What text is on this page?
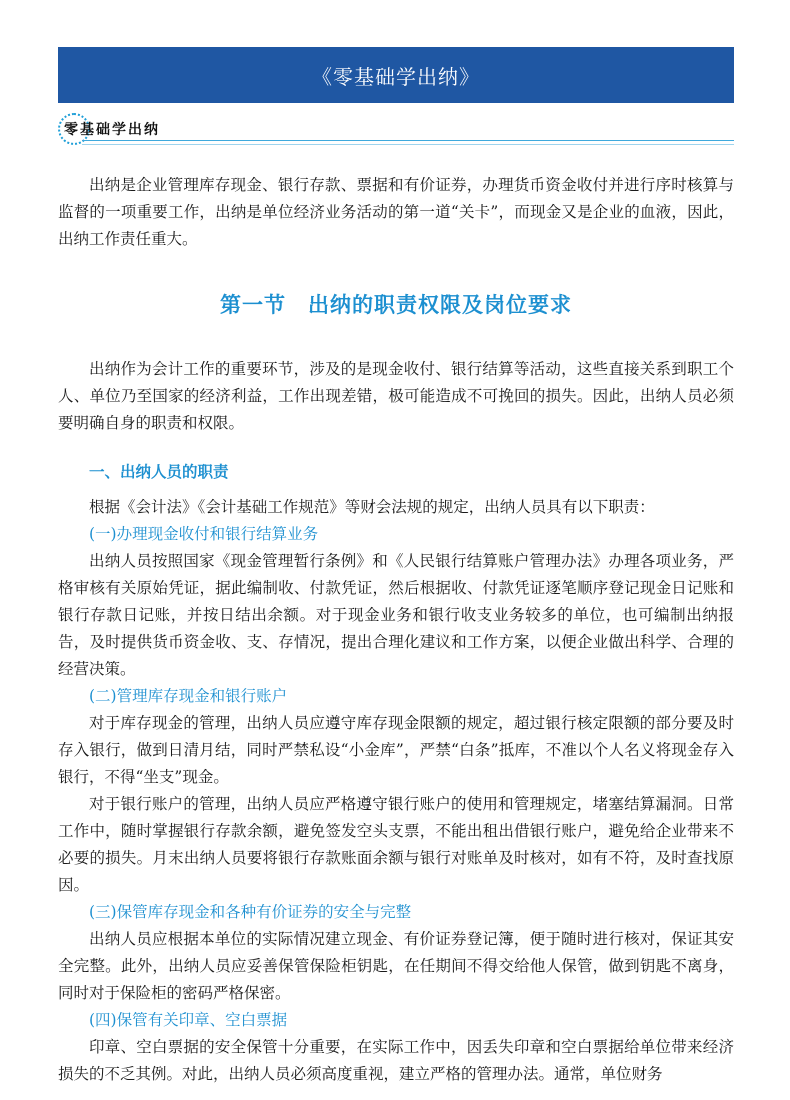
《零基础学出纳》
零基础学出纳

出纳是企业管理库存现金、银行存款、票据和有价证券，办理货币资金收付并进行序时核算与监督的一项重要工作，出纳是单位经济业务活动的第一道“关卡”，而现金又是企业的血液，因此，出纳工作责任重大。

第一节　出纳的职责权限及岗位要求

出纳作为会计工作的重要环节，涉及的是现金收付、银行结算等活动，这些直接关系到职工个人、单位乃至国家的经济利益，工作出现差错，极可能造成不可挽回的损失。因此，出纳人员必须要明确自身的职责和权限。

一、出纳人员的职责

根据《会计法》《会计基础工作规范》等财会法规的规定，出纳人员具有以下职责：

(一)办理现金收付和银行结算业务

出纳人员按照国家《现金管理暂行条例》和《人民银行结算账户管理办法》办理各项业务，严格审核有关原始凭证，据此编制收、付款凭证，然后根据收、付款凭证逐笔顺序登记现金日记账和银行存款日记账，并按日结出余额。对于现金业务和银行收支业务较多的单位，也可编制出纳报告，及时提供货币资金收、支、存情况，提出合理化建议和工作方案，以便企业做出科学、合理的经营决策。

(二)管理库存现金和银行账户

对于库存现金的管理，出纳人员应遵守库存现金限额的规定，超过银行核定限额的部分要及时存入银行，做到日清月结，同时严禁私设“小金库”，严禁“白条”抵库，不准以个人名义将现金存入银行，不得“坐支”现金。

对于银行账户的管理，出纳人员应严格遵守银行账户的使用和管理规定，堵塞结算漏洞。日常工作中，随时掌握银行存款余额，避免签发空头支票，不能出租出借银行账户，避免给企业带来不必要的损失。月末出纳人员要将银行存款账面余额与银行对账单及时核对，如有不符，及时查找原因。

(三)保管库存现金和各种有价证券的安全与完整

出纳人员应根据本单位的实际情况建立现金、有价证券登记簿，便于随时进行核对，保证其安全完整。此外，出纳人员应妥善保管保险柜钥匙，在任期间不得交给他人保管，做到钥匙不离身，同时对于保险柜的密码严格保密。

(四)保管有关印章、空白票据

印章、空白票据的安全保管十分重要，在实际工作中，因丢失印章和空白票据给单位带来经济损失的不乏其例。对此，出纳人员必须高度重视，建立严格的管理办法。通常，单位财务
